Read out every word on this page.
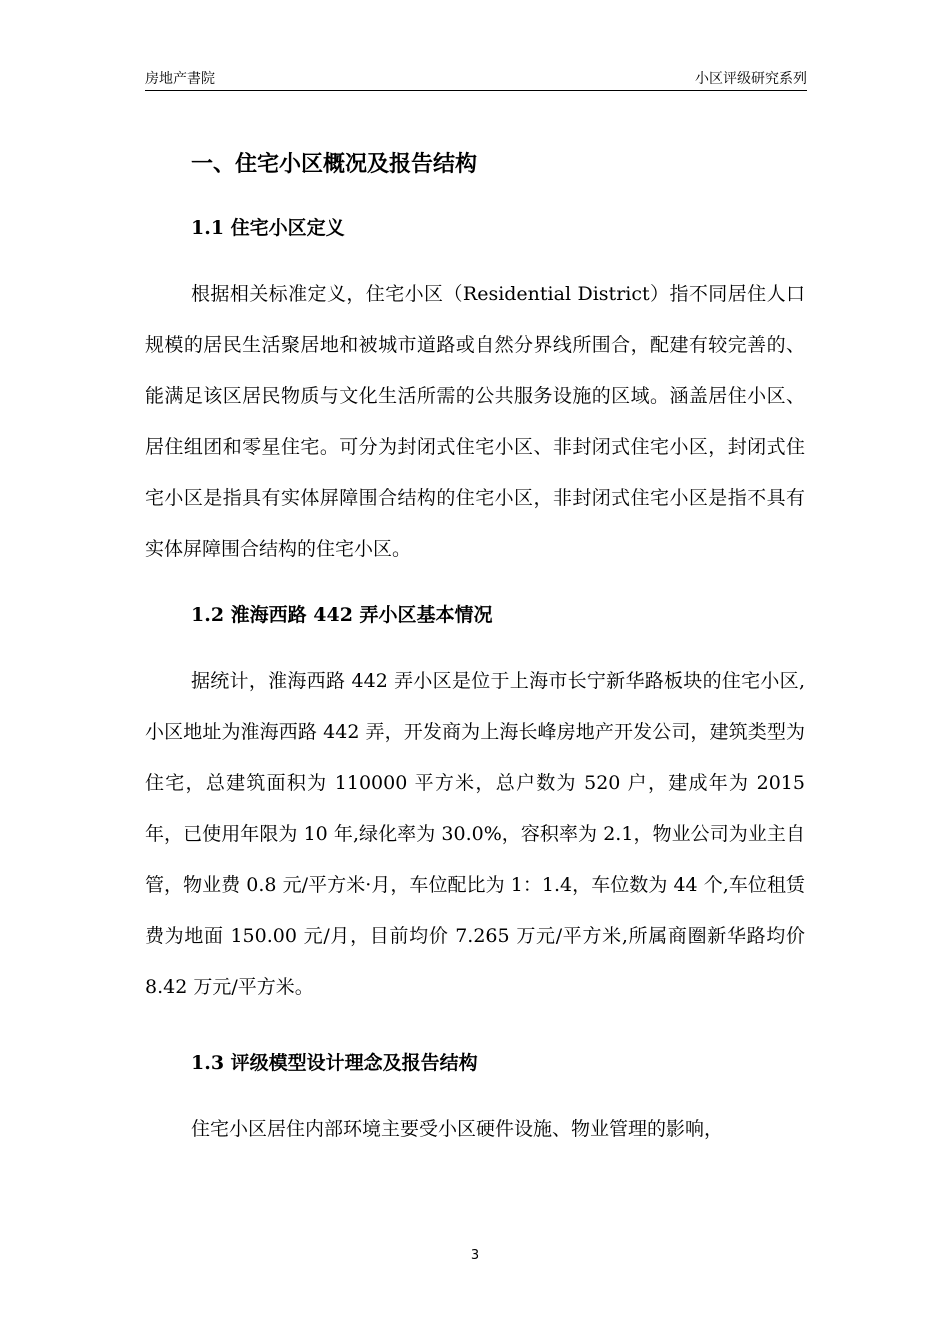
房地产書院	小区评级研究系列
一、住宅小区概况及报告结构
1.1 住宅小区定义

根据相关标准定义，住宅小区（Residential District）指不同居住人口规模的居民生活聚居地和被城市道路或自然分界线所围合，配建有较完善的、能满足该区居民物质与文化生活所需的公共服务设施的区域。涵盖居住小区、居住组团和零星住宅。可分为封闭式住宅小区、非封闭式住宅小区，封闭式住宅小区是指具有实体屏障围合结构的住宅小区，非封闭式住宅小区是指不具有实体屏障围合结构的住宅小区。

1.2 淮海西路 442 弄小区基本情况

据统计，淮海西路 442 弄小区是位于上海市长宁新华路板块的住宅小区,小区地址为淮海西路 442 弄，开发商为上海长峰房地产开发公司，建筑类型为住宅，总建筑面积为 110000 平方米，总户数为 520 户，建成年为 2015 年，已使用年限为 10 年,绿化率为 30.0%，容积率为 2.1，物业公司为业主自管，物业费 0.8 元/平方米·月，车位配比为 1：1.4，车位数为 44 个,车位租赁费为地面 150.00 元/月，目前均价 7.265 万元/平方米,所属商圈新华路均价 8.42 万元/平方米。

1.3 评级模型设计理念及报告结构

住宅小区居住内部环境主要受小区硬件设施、物业管理的影响，

3
